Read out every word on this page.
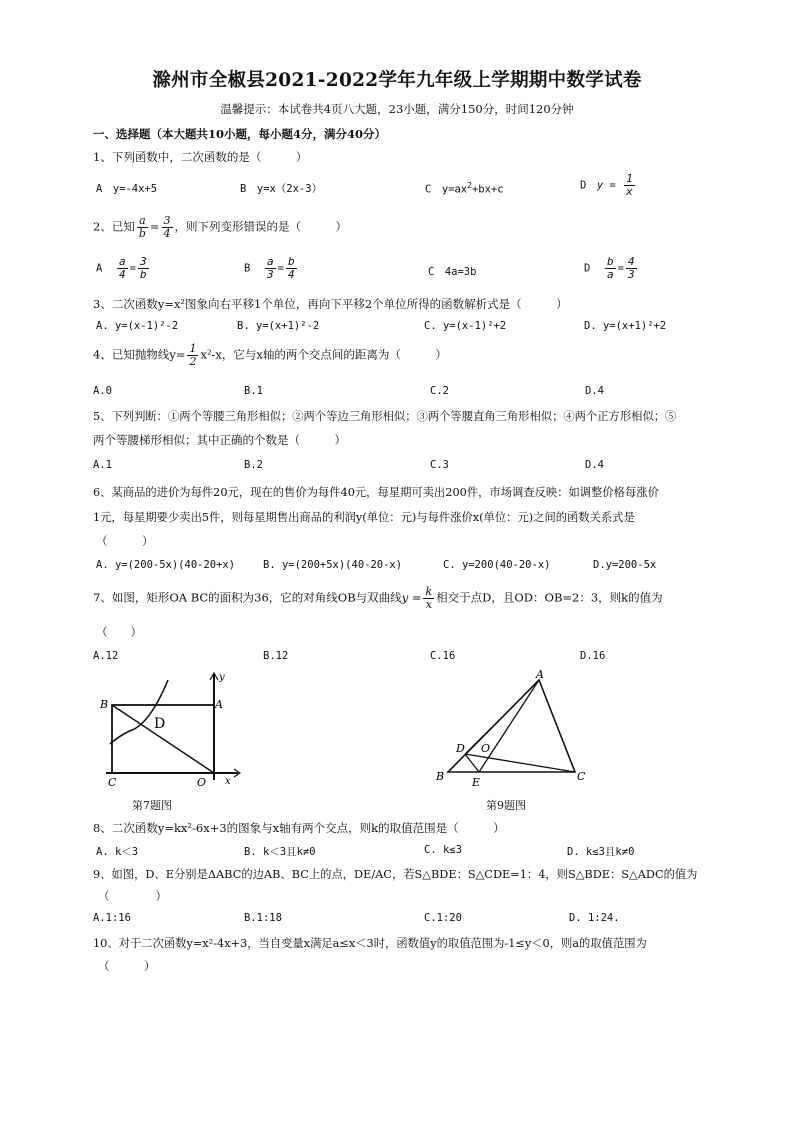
滁州市全椒县2021-2022学年九年级上学期期中数学试卷
温馨提示：本试卷共4页八大题，23小题，满分150分，时间120分钟
一、选择题（本大题共10小题，每小题4分，满分40分）
1、下列函数中，二次函数的是（　　　）
A　y=-4x+5	B　y=x（2x-3）	C　$y=ax^2+bx+c$	D　$y = \frac{1}{x}$
2、已知 $\frac{a}{b} = \frac{3}{4}$ ，则下列变形错误的是（　　　）
A $\frac{a}{4} = \frac{3}{b}$	B $\frac{a}{3} = \frac{b}{4}$	C　4a=3b	D $\frac{b}{a} = \frac{4}{3}$
3、二次函数y=x²图象向右平移1个单位，再向下平移2个单位所得的函数解析式是（　　　）
A. y=(x-1)²-2	B. y=(x+1)²-2	C. y=(x-1)²+2	D. y=(x+1)²+2
4、已知抛物线$y= \frac{1}{2} x^2-x$，它与x轴的两个交点间的距离为（　　　）
A.0	B.1	C.2	D.4
5、下列判断：①两个等腰三角形相似；②两个等边三角形相似；③两个等腰直角三角形相似；④两个正方形相似；⑤
两个等腰梯形相似；其中正确的个数是（　　　）
A.1	B.2	C.3	D.4
6、某商品的进价为每件20元，现在的售价为每件40元，每星期可卖出200件，市场调查反映：如调整价格每涨价
1元，每星期要少卖出5件，则每星期售出商品的利润y(单位：元)与每件涨价x(单位：元)之间的函数关系式是
（　　　）
A. y=(200-5x)(40-20+x)	B. y=(200+5x)(40-20-x)	C. y=200(40-20-x)	D.y=200-5x
7、如图，矩形OA BC的面积为36，它的对角线OB与双曲线$y = \frac{k}{x}$ 相交于点D，且OD：OB=2：3，则k的值为
（　　）
A.12	B.12	C.16	D.16
B	A
C	O
D
x
y
第7题图
A
B	C
D
E
O
第9题图
8、二次函数y=kx²-6x+3的图象与x轴有两个交点，则k的取值范围是（　　　）
A. k＜3	B. k＜3且k≠0	C. k≤3	D. k≤3且k≠0
9、如图，D、E分别是ΔABC的边AB、BC上的点，DE/AC，若S△BDE：S△CDE=1：4，则S△BDE：S△ADC的值为
（　　　　）
A.1:16	B.1:18	C.1:20	D. 1:24.
10、对于二次函数y=x²-4x+3，当自变量x满足a≤x＜3时，函数值y的取值范围为-1≤y＜0，则a的取值范围为
（　　　）
